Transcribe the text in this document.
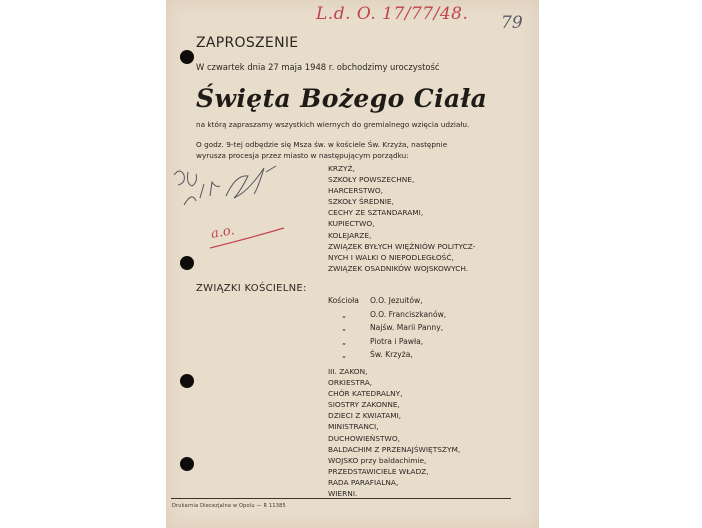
L.d. O. 17/77/48. 79
ZAPROSZENIE
W czwartek dnia 27 maja 1948 r. obchodzimy uroczystość
Święta Bożego Ciała
na którą zapraszamy wszystkich wiernych do gremialnego wzięcia udziału.
O godz. 9-tej odbędzie się Msza św. w kościele Św. Krzyża, następnie
wyrusza procesja przez miasto w następującym porządku:
a.o.
KRZYŻ,
SZKOŁY POWSZECHNE,
HARCERSTWO,
SZKOŁY ŚREDNIE,
CECHY ZE SZTANDARAMI,
KUPIECTWO,
KOLEJARZE,
ZWIĄZEK BYŁYCH WIĘŹNIÓW POLITYCZ-
NYCH I WALKI O NIEPODLEGŁOŚĆ,
ZWIĄZEK OSADNIKÓW WOJSKOWYCH.
ZWIĄZKI KOŚCIELNE:
Kościoła O.O. Jezuitów,
„	O.O. Franciszkanów,
„	Najśw. Marii Panny,
„	Piotra i Pawła,
„	Św. Krzyża,
III. ZAKON,
ORKIESTRA,
CHÓR KATEDRALNY,
SIOSTRY ZAKONNE,
DZIECI Z KWIATAMI,
MINISTRANCI,
DUCHOWIEŃSTWO,
BALDACHIM Z PRZENAJŚWIĘTSZYM,
WOJSKO przy baldachimie,
PRZEDSTAWICIELE WŁADZ,
RADA PARAFIALNA,
WIERNI.
Drukarnia Diecezjalna w Opolu — R 11385
